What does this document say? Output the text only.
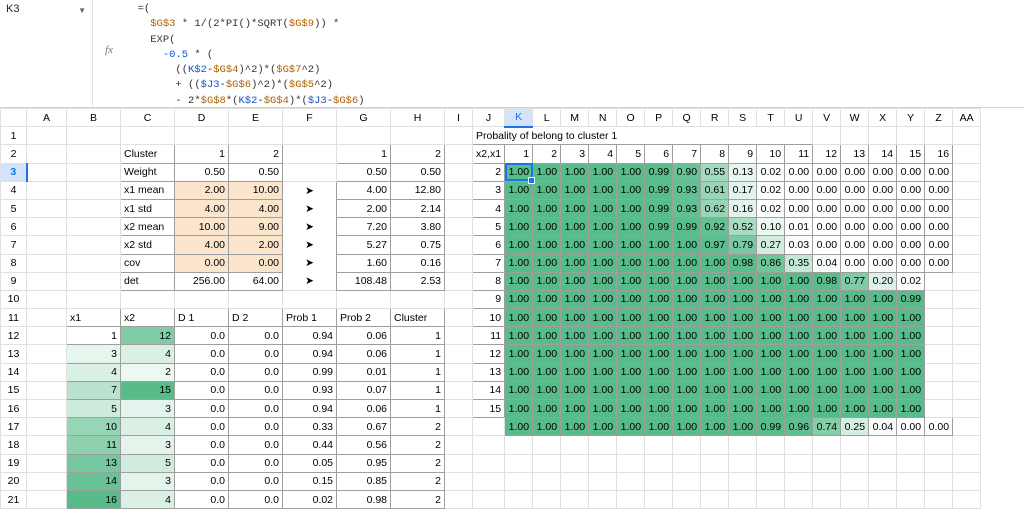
K3	▼
fx
=(
$G$3 * 1/(2*PI()*SQRT($G$9)) *
EXP(
-0.5 * (
((K$2-$G$4)^2)*($G$7^2)
+ (($J3-$G$6)^2)*($G$5^2)
- 2*$G$8*(K$2-$G$4)*($J3-$G$6)
	A	B	C	D	E	F	G	H	I	J	K	L	M	N	O	P	Q	R	S	T	U	V	W	X	Y	Z	AA
1										Probality of belong to cluster 1																	
2			Cluster	1	2		1	2		x2,x1	1	2	3	4	5	6	7	8	9	10	11	12	13	14	15	16	
3			Weight	0.50	0.50		0.50	0.50		2	1.00	1.00	1.00	1.00	1.00	0.99	0.90	0.55	0.13	0.02	0.00	0.00	0.00	0.00	0.00	0.00	
4			x1 mean	2.00	10.00	➤	4.00	12.80		3	1.00	1.00	1.00	1.00	1.00	0.99	0.93	0.61	0.17	0.02	0.00	0.00	0.00	0.00	0.00	0.00	
5			x1 std	4.00	4.00	➤	2.00	2.14		4	1.00	1.00	1.00	1.00	1.00	0.99	0.93	0.62	0.16	0.02	0.00	0.00	0.00	0.00	0.00	0.00	
6			x2 mean	10.00	9.00	➤	7.20	3.80		5	1.00	1.00	1.00	1.00	1.00	0.99	0.99	0.92	0.52	0.10	0.01	0.00	0.00	0.00	0.00	0.00	
7			x2 std	4.00	2.00	➤	5.27	0.75		6	1.00	1.00	1.00	1.00	1.00	1.00	1.00	0.97	0.79	0.27	0.03	0.00	0.00	0.00	0.00	0.00	
8			cov	0.00	0.00	➤	1.60	0.16		7	1.00	1.00	1.00	1.00	1.00	1.00	1.00	1.00	0.98	0.86	0.35	0.04	0.00	0.00	0.00	0.00	
9			det	256.00	64.00	➤	108.48	2.53		8	1.00	1.00	1.00	1.00	1.00	1.00	1.00	1.00	1.00	1.00	1.00	0.98	0.77	0.20	0.02		
10										9	1.00	1.00	1.00	1.00	1.00	1.00	1.00	1.00	1.00	1.00	1.00	1.00	1.00	1.00	0.99		
11		x1	x2	D 1	D 2	Prob 1	Prob 2	Cluster		10	1.00	1.00	1.00	1.00	1.00	1.00	1.00	1.00	1.00	1.00	1.00	1.00	1.00	1.00	1.00		
12		1	12	0.0	0.0	0.94	0.06	1		11	1.00	1.00	1.00	1.00	1.00	1.00	1.00	1.00	1.00	1.00	1.00	1.00	1.00	1.00	1.00		
13		3	4	0.0	0.0	0.94	0.06	1		12	1.00	1.00	1.00	1.00	1.00	1.00	1.00	1.00	1.00	1.00	1.00	1.00	1.00	1.00	1.00		
14		4	2	0.0	0.0	0.99	0.01	1		13	1.00	1.00	1.00	1.00	1.00	1.00	1.00	1.00	1.00	1.00	1.00	1.00	1.00	1.00	1.00		
15		7	15	0.0	0.0	0.93	0.07	1		14	1.00	1.00	1.00	1.00	1.00	1.00	1.00	1.00	1.00	1.00	1.00	1.00	1.00	1.00	1.00		
16		5	3	0.0	0.0	0.94	0.06	1		15	1.00	1.00	1.00	1.00	1.00	1.00	1.00	1.00	1.00	1.00	1.00	1.00	1.00	1.00	1.00		
17		10	4	0.0	0.0	0.33	0.67	2			1.00	1.00	1.00	1.00	1.00	1.00	1.00	1.00	1.00	0.99	0.96	0.74	0.25	0.04	0.00	0.00	
18		11	3	0.0	0.0	0.44	0.56	2																			
19		13	5	0.0	0.0	0.05	0.95	2																			
20		14	3	0.0	0.0	0.15	0.85	2																			
21		16	4	0.0	0.0	0.02	0.98	2																			
